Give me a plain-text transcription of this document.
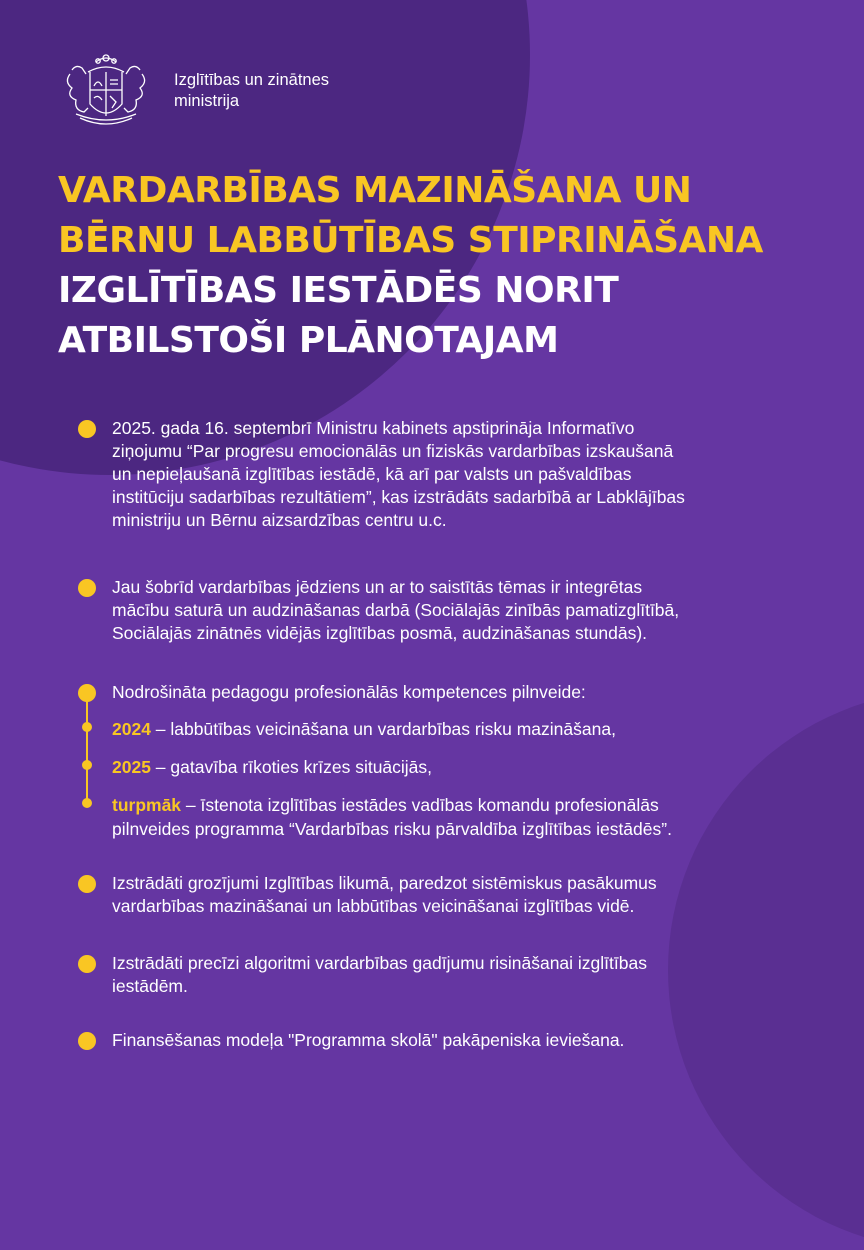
Izglītības un zinātnes
ministrija
VARDARBĪBAS MAZINĀŠANA UN
BĒRNU LABBŪTĪBAS STIPRINĀŠANA
IZGLĪTĪBAS IESTĀDĒS NORIT
ATBILSTOŠI PLĀNOTAJAM
2025. gada 16. septembrī Ministru kabinets apstiprināja Informatīvo
ziņojumu “Par progresu emocionālās un fiziskās vardarbības izskaušanā
un nepieļaušanā izglītības iestādē, kā arī par valsts un pašvaldības
institūciju sadarbības rezultātiem”, kas izstrādāts sadarbībā ar Labklājības
ministriju un Bērnu aizsardzības centru u.c.
Jau šobrīd vardarbības jēdziens un ar to saistītās tēmas ir integrētas
mācību saturā un audzināšanas darbā (Sociālajās zinībās pamatizglītībā,
Sociālajās zinātnēs vidējās izglītības posmā, audzināšanas stundās).
Nodrošināta pedagogu profesionālās kompetences pilnveide:
2024 – labbūtības veicināšana un vardarbības risku mazināšana,
2025 – gatavība rīkoties krīzes situācijās,
turpmāk – īstenota izglītības iestādes vadības komandu profesionālās
pilnveides programma “Vardarbības risku pārvaldība izglītības iestādēs”.
Izstrādāti grozījumi Izglītības likumā, paredzot sistēmiskus pasākumus
vardarbības mazināšanai un labbūtības veicināšanai izglītības vidē.
Izstrādāti precīzi algoritmi vardarbības gadījumu risināšanai izglītības
iestādēm.
Finansēšanas modeļa "Programma skolā" pakāpeniska ieviešana.
